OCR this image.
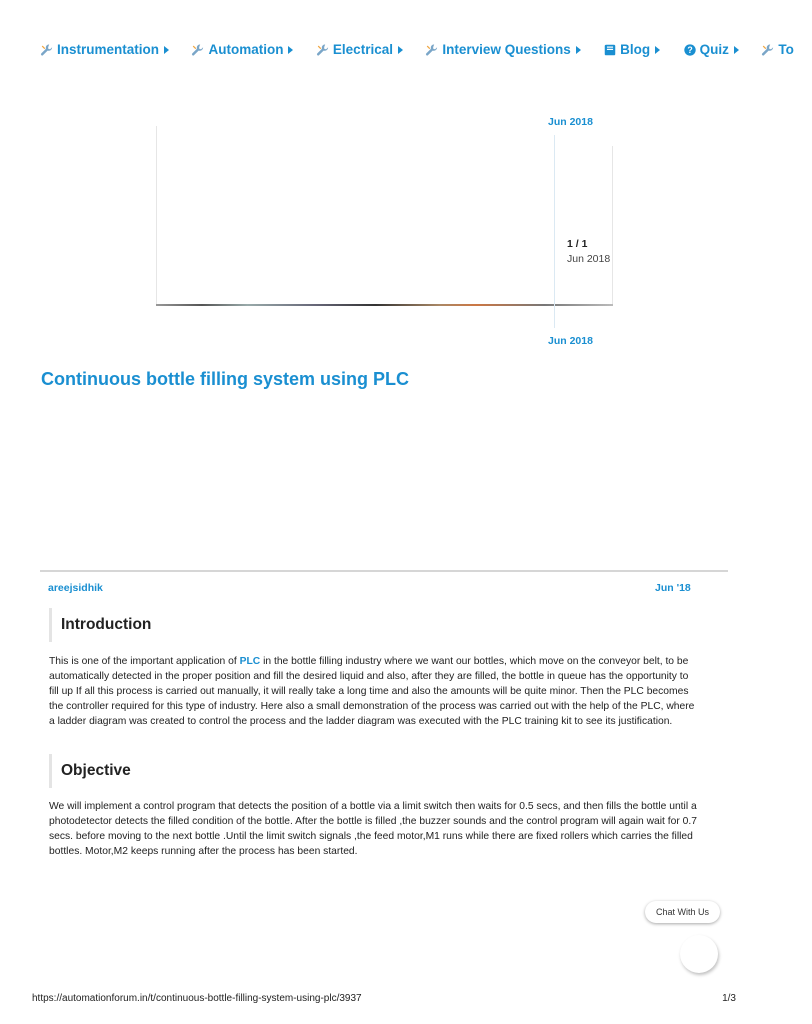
Instrumentation
	Automation
	Electrical
	Interview Questions
	Blog
	? Quiz
	To
Jun 2018
1 / 1
Jun 2018
Jun 2018
Continuous bottle filling system using PLC
areejsidhik	Jun '18
Introduction

This is one of the important application of PLC in the bottle filling industry where we want our bottles, which move on the conveyor belt, to be automatically detected in the proper position and fill the desired liquid and also, after they are filled, the bottle in queue has the opportunity to fill up If all this process is carried out manually, it will really take a long time and also the amounts will be quite minor. Then the PLC becomes the controller required for this type of industry. Here also a small demonstration of the process was carried out with the help of the PLC, where a ladder diagram was created to control the process and the ladder diagram was executed with the PLC training kit to see its justification.

Objective

We will implement a control program that detects the position of a bottle via a limit switch then waits for 0.5 secs, and then fills the bottle until a photodetector detects the filled condition of the bottle. After the bottle is filled ,the buzzer sounds and the control program will again wait for 0.7 secs. before moving to the next bottle .Until the limit switch signals ,the feed motor,M1 runs while there are fixed rollers which carries the filled bottles. Motor,M2 keeps running after the process has been started.

Chat With Us
https://automationforum.in/t/continuous-bottle-filling-system-using-plc/3937	1/3
